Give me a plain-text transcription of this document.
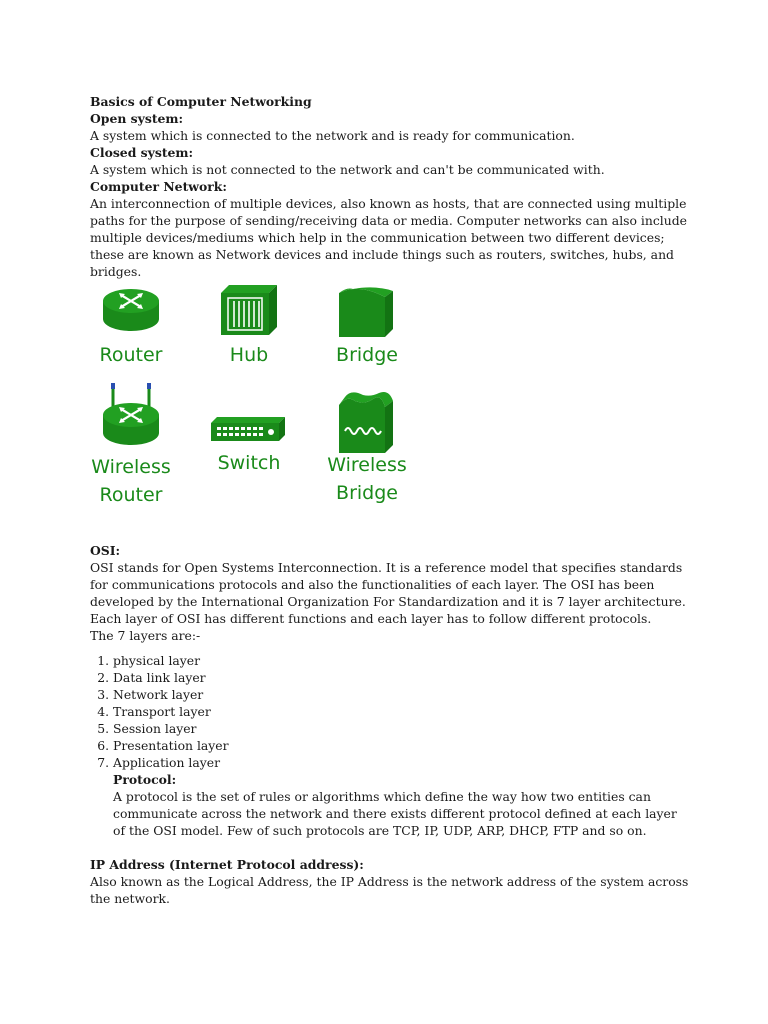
Basics of Computer Networking

Open system:

A system which is connected to the network and is ready for communication.

Closed system:

A system which is not connected to the network and can't be communicated with.

Computer Network:

An interconnection of multiple devices, also known as hosts, that are connected using multiple paths for the purpose of sending/receiving data or media. Computer networks can also include multiple devices/mediums which help in the communication between two different devices; these are known as Network devices and include things such as routers, switches, hubs, and bridges.

OSI:

OSI stands for Open Systems Interconnection. It is a reference model that specifies standards for communications protocols and also the functionalities of each layer. The OSI has been developed by the International Organization For Standardization and it is 7 layer architecture. Each layer of OSI has different functions and each layer has to follow different protocols.

The 7 layers are:-

1. physical layer
2. Data link layer
3. Network layer
4. Transport layer
5. Session layer
6. Presentation layer
7. Application layer

Protocol:

A protocol is the set of rules or algorithms which define the way how two entities can communicate across the network and there exists different protocol defined at each layer of the OSI model. Few of such protocols are TCP, IP, UDP, ARP, DHCP, FTP and so on.

IP Address (Internet Protocol address):

Also known as the Logical Address, the IP Address is the network address of the system across the network.

Router	Hub	Bridge
Wireless
Router
Switch	Wireless
Bridge
